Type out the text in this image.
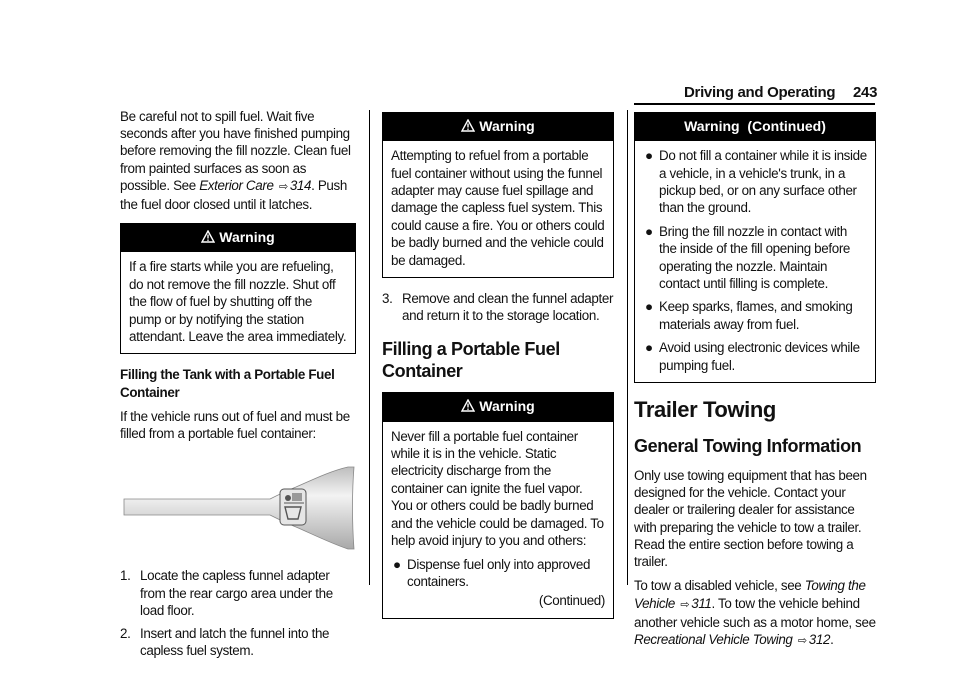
Driving and Operating 243

Be careful not to spill fuel. Wait five seconds after you have finished pumping before removing the fill nozzle. Clean fuel from painted surfaces as soon as possible. See Exterior Care ⇨ 314. Push the fuel door closed until it latches.

Warning
If a fire starts while you are refueling, do not remove the fill nozzle. Shut off the flow of fuel by shutting off the pump or by notifying the station attendant. Leave the area immediately.

Filling the Tank with a Portable Fuel Container

If the vehicle runs out of fuel and must be filled from a portable fuel container:

1. Locate the capless funnel adapter from the rear cargo area under the load floor.
2. Insert and latch the funnel into the capless fuel system.
Warning
Attempting to refuel from a portable fuel container without using the funnel adapter may cause fuel spillage and damage the capless fuel system. This could cause a fire. You or others could be badly burned and the vehicle could be damaged.
3. Remove and clean the funnel adapter and return it to the storage location.
Filling a Portable Fuel Container
Warning

Never fill a portable fuel container while it is in the vehicle. Static electricity discharge from the container can ignite the fuel vapor. You or others could be badly burned and the vehicle could be damaged. To help avoid injury to you and others:

● Dispense fuel only into approved containers.
(Continued)
Warning  (Continued)
● Do not fill a container while it is inside a vehicle, in a vehicle's trunk, in a pickup bed, or on any surface other than the ground.
● Bring the fill nozzle in contact with the inside of the fill opening before operating the nozzle. Maintain contact until filling is complete.
● Keep sparks, flames, and smoking materials away from fuel.
● Avoid using electronic devices while pumping fuel.
Trailer Towing
General Towing Information

Only use towing equipment that has been designed for the vehicle. Contact your dealer or trailering dealer for assistance with preparing the vehicle to tow a trailer. Read the entire section before towing a trailer.

To tow a disabled vehicle, see Towing the Vehicle ⇨ 311. To tow the vehicle behind another vehicle such as a motor home, see Recreational Vehicle Towing ⇨ 312.
